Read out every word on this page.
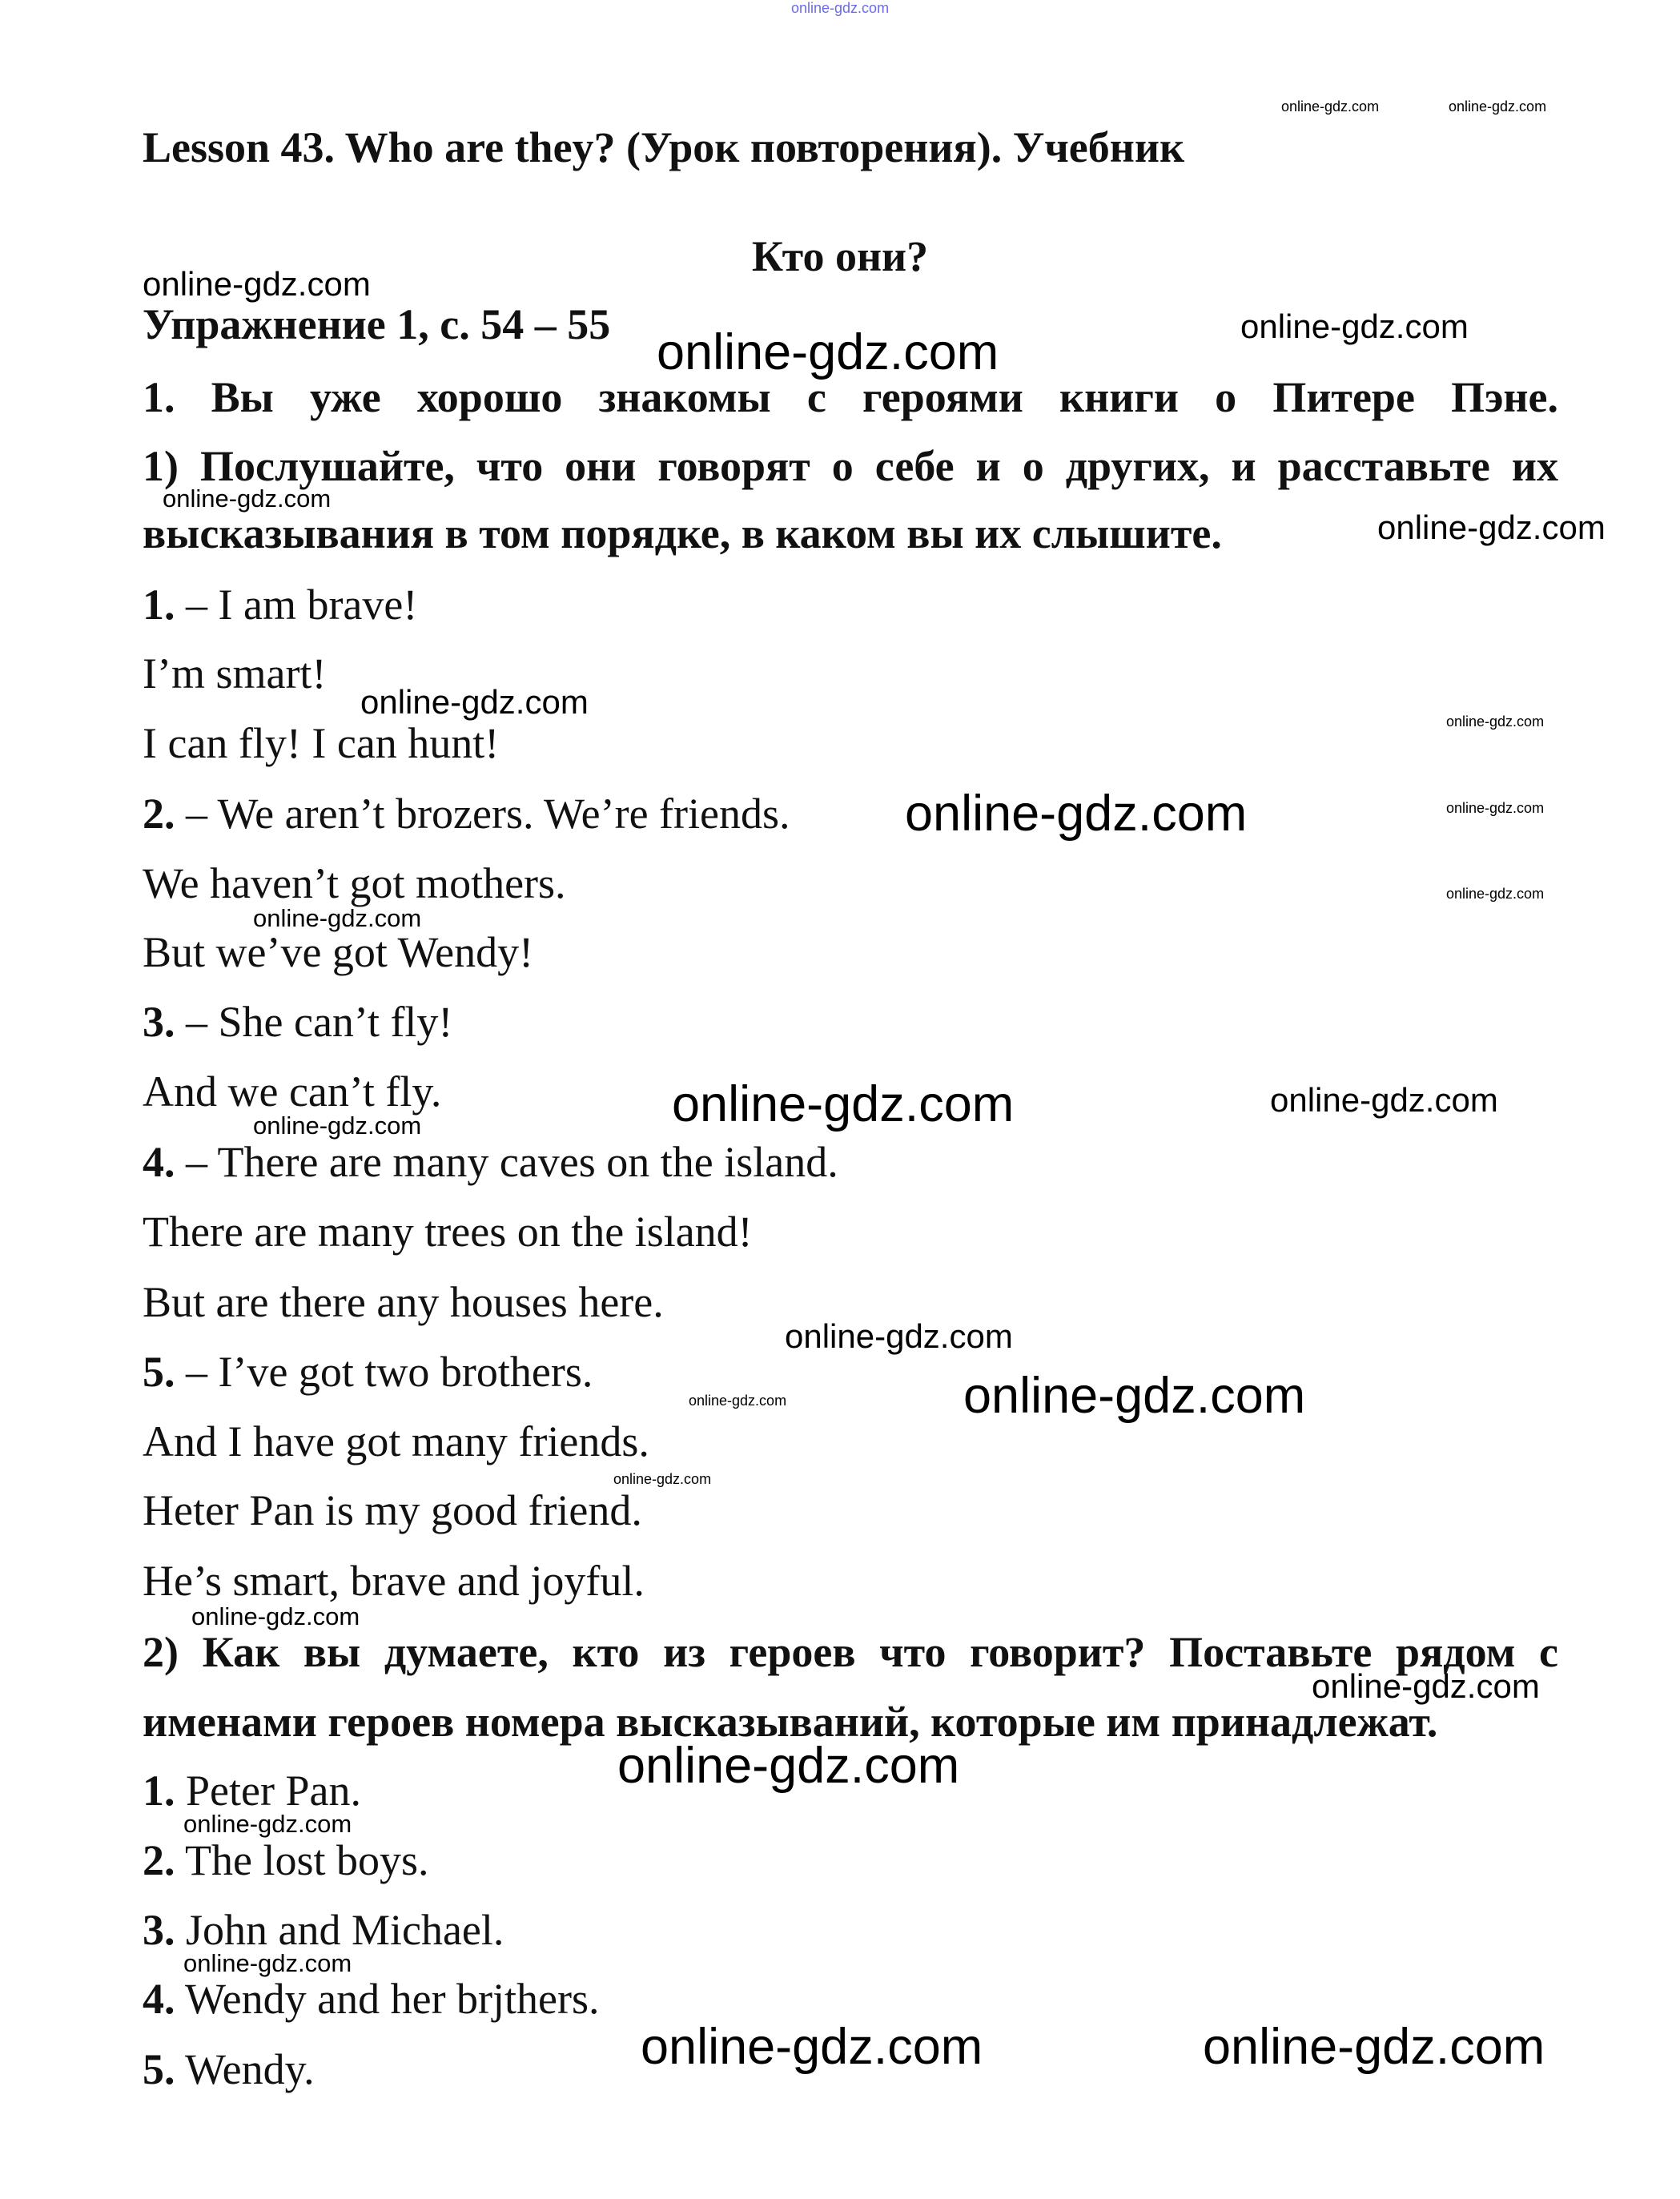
Lesson 43. Who are they? (Урок повторения). Учебник
Кто они?
Упражнение 1, с. 54 – 55
1. Вы уже хорошо знакомы с героями книги о Питере Пэне.
1) Послушайте, что они говорят о себе и о других, и расставьте их
высказывания в том порядке, в каком вы их слышите.
1. – I am brave!
I’m smart!
I can fly! I can hunt!
2. – We aren’t brozers. We’re friends.
We haven’t got mothers.
But we’ve got Wendy!
3. – She can’t fly!
And we can’t fly.
4. – There are many caves on the island.
There are many trees on the island!
But are there any houses here.
5. – I’ve got two brothers.
And I have got many friends.
Heter Pan is my good friend.
He’s smart, brave and joyful.
2) Как вы думаете, кто из героев что говорит? Поставьте рядом с
именами героев номера высказываний, которые им принадлежат.
1. Peter Pan.
2. The lost boys.
3. John and Michael.
4. Wendy and her brjthers.
5. Wendy.
online-gdz.com
online-gdz.com	online-gdz.com
online-gdz.com
online-gdz.com
online-gdz.com
online-gdz.com
online-gdz.com
online-gdz.com
online-gdz.com
online-gdz.com	online-gdz.com
online-gdz.com
online-gdz.com
online-gdz.com	online-gdz.com
online-gdz.com
online-gdz.com
online-gdz.com	online-gdz.com
online-gdz.com
online-gdz.com
online-gdz.com
online-gdz.com
online-gdz.com
online-gdz.com
online-gdz.com	online-gdz.com
